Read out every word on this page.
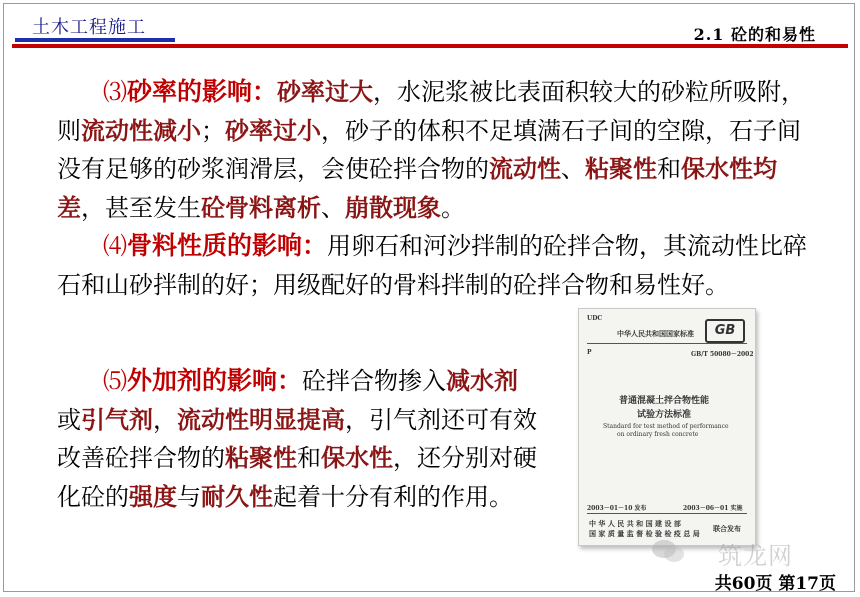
土木工程施工	2.1 砼的和易性
⑶砂率的影响：砂率过大，水泥浆被比表面积较大的砂粒所吸附，则流动性减小；砂率过小，砂子的体积不足填满石子间的空隙，石子间没有足够的砂浆润滑层，会使砼拌合物的流动性、粘聚性和保水性均差，甚至发生砼骨料离析、崩散现象。
⑷骨料性质的影响：用卵石和河沙拌制的砼拌合物，其流动性比碎石和山砂拌制的好；用级配好的骨料拌制的砼拌合物和易性好。
⑸外加剂的影响：砼拌合物掺入减水剂或引气剂，流动性明显提高，引气剂还可有效改善砼拌合物的粘聚性和保水性，还分别对硬化砼的强度与耐久性起着十分有利的作用。
UDC
中华人民共和国国家标准	GB
P	GB/T 50080－2002
普通混凝土拌合物性能
试验方法标准
Standard for test method of performance
on ordinary fresh concrete
2003－01－10 发布	2003－06－01 实施
中 华 人 民 共 和 国 建 设 部
国 家 质 量 监 督 检 验 检 疫 总 局
联合发布
筑龙网
共60页 第17页
